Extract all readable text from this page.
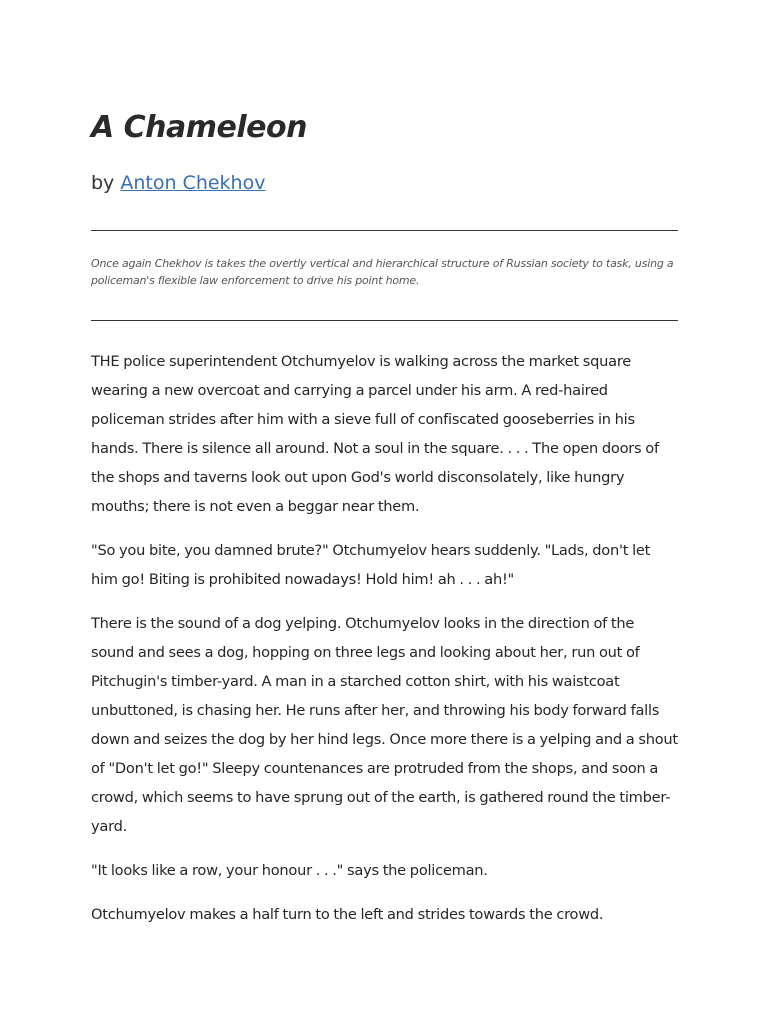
A Chameleon
by Anton Chekhov

Once again Chekhov is takes the overtly vertical and hierarchical structure of Russian society to task, using a policeman's flexible law enforcement to drive his point home.

THE police superintendent Otchumyelov is walking across the market square wearing a new overcoat and carrying a parcel under his arm. A red-haired policeman strides after him with a sieve full of confiscated gooseberries in his hands. There is silence all around. Not a soul in the square. . . . The open doors of the shops and taverns look out upon God's world disconsolately, like hungry mouths; there is not even a beggar near them.

"So you bite, you damned brute?" Otchumyelov hears suddenly. "Lads, don't let him go! Biting is prohibited nowadays! Hold him! ah . . . ah!"

There is the sound of a dog yelping. Otchumyelov looks in the direction of the sound and sees a dog, hopping on three legs and looking about her, run out of Pitchugin's timber-yard. A man in a starched cotton shirt, with his waistcoat unbuttoned, is chasing her. He runs after her, and throwing his body forward falls down and seizes the dog by her hind legs. Once more there is a yelping and a shout of "Don't let go!" Sleepy countenances are protruded from the shops, and soon a crowd, which seems to have sprung out of the earth, is gathered round the timber-yard.

"It looks like a row, your honour . . ." says the policeman.

Otchumyelov makes a half turn to the left and strides towards the crowd.
